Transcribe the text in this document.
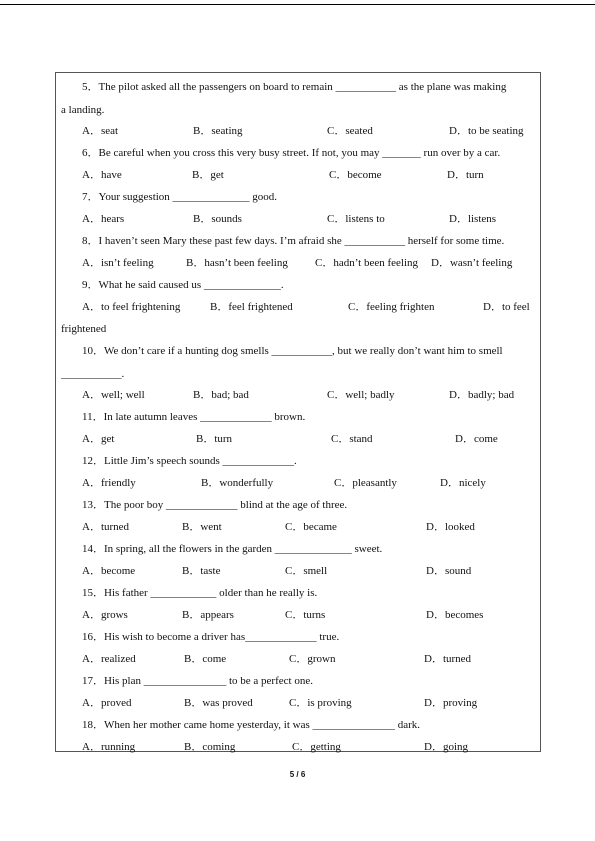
5．The pilot asked all the passengers on board to remain ___________ as the plane was making
a landing.
A．seat	B．seating	C．seated	D．to be seating
6．Be careful when you cross this very busy street. If not, you may _______ run over by a car.
A．have	B．get	C．become	D．turn
7．Your suggestion ______________ good.
A．hears	B．sounds	C．listens to	D．listens
8．I haven’t seen Mary these past few days. I’m afraid she ___________ herself for some time.
A．isn’t feeling	B．hasn’t been feeling C．hadn’t been feeling D．wasn’t feeling
9．What he said caused us ______________.
A．to feel frightening	B．feel frightened	C．feeling frighten	D．to feel
frightened
10．We don’t care if a hunting dog smells ___________, but we really don’t want him to smell
___________.
A．well; well	B．bad; bad	C．well; badly	D．badly; bad
11．In late autumn leaves _____________ brown.
A．get	B．turn	C．stand	D．come
12．Little Jim’s speech sounds _____________.
A．friendly	B．wonderfully	C．pleasantly	D．nicely
13．The poor boy _____________ blind at the age of three.
A．turned	B．went	C．became	D．looked
14．In spring, all the flowers in the garden ______________ sweet.
A．become	B．taste	C．smell	D．sound
15．His father ____________ older than he really is.
A．grows	B．appears	C．turns	D．becomes
16．His wish to become a driver has_____________ true.
A．realized	B．come	C．grown	D．turned
17．His plan _______________ to be a perfect one.
A．proved	B．was proved	C．is proving	D．proving
18．When her mother came home yesterday, it was _______________ dark.
A．running	B．coming	C．getting	D．going
5 / 6
